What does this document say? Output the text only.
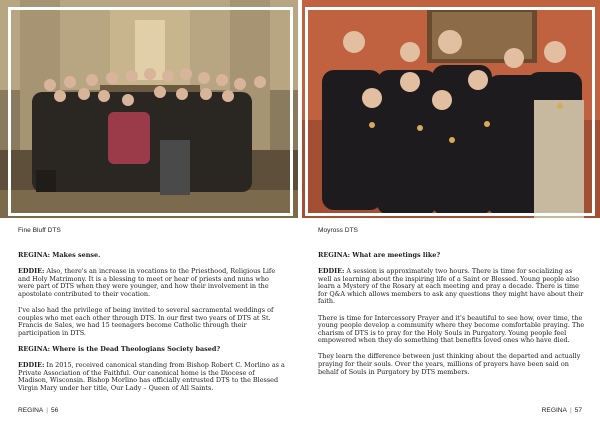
Fine Bluff DTS	Moyross DTS

REGINA: Makes sense.

EDDIE: Also, there's an increase in vocations to the Priesthood, Religious Life and Holy Matrimony. It is a blessing to meet or hear of priests and nuns who were part of DTS when they were younger, and how their involvement in the apostolate contributed to their vocation.

I've also had the privilege of being invited to several sacramental weddings of couples who met each other through DTS. In our first two years of DTS at St. Francis de Sales, we had 15 teenagers become Catholic through their participation in DTS.

REGINA: Where is the Dead Theologians Society based?

EDDIE: In 2015, received canonical standing from Bishop Robert C. Morlino as a Private Association of the Faithful. Our canonical home is the Diocese of Madison, Wisconsin. Bishop Morlino has officially entrusted DTS to the Blessed Virgin Mary under her title, Our Lady – Queen of All Saints.

REGINA: What are meetings like?

EDDIE: A session is approximately two hours. There is time for socializing as well as learning about the inspiring life of a Saint or Blessed. Young people also learn a Mystery of the Rosary at each meeting and pray a decade. There is time for Q&A which allows members to ask any questions they might have about their faith.

There is time for Intercessory Prayer and it's beautiful to see how, over time, the young people develop a community where they become comfortable praying. The charism of DTS is to pray for the Holy Souls in Purgatory. Young people feel empowered when they do something that benefits loved ones who have died.

They learn the difference between just thinking about the departed and actually praying for their souls. Over the years, millions of prayers have been said on behalf of Souls in Purgatory by DTS members.

REGINA | 56	REGINA | 57
